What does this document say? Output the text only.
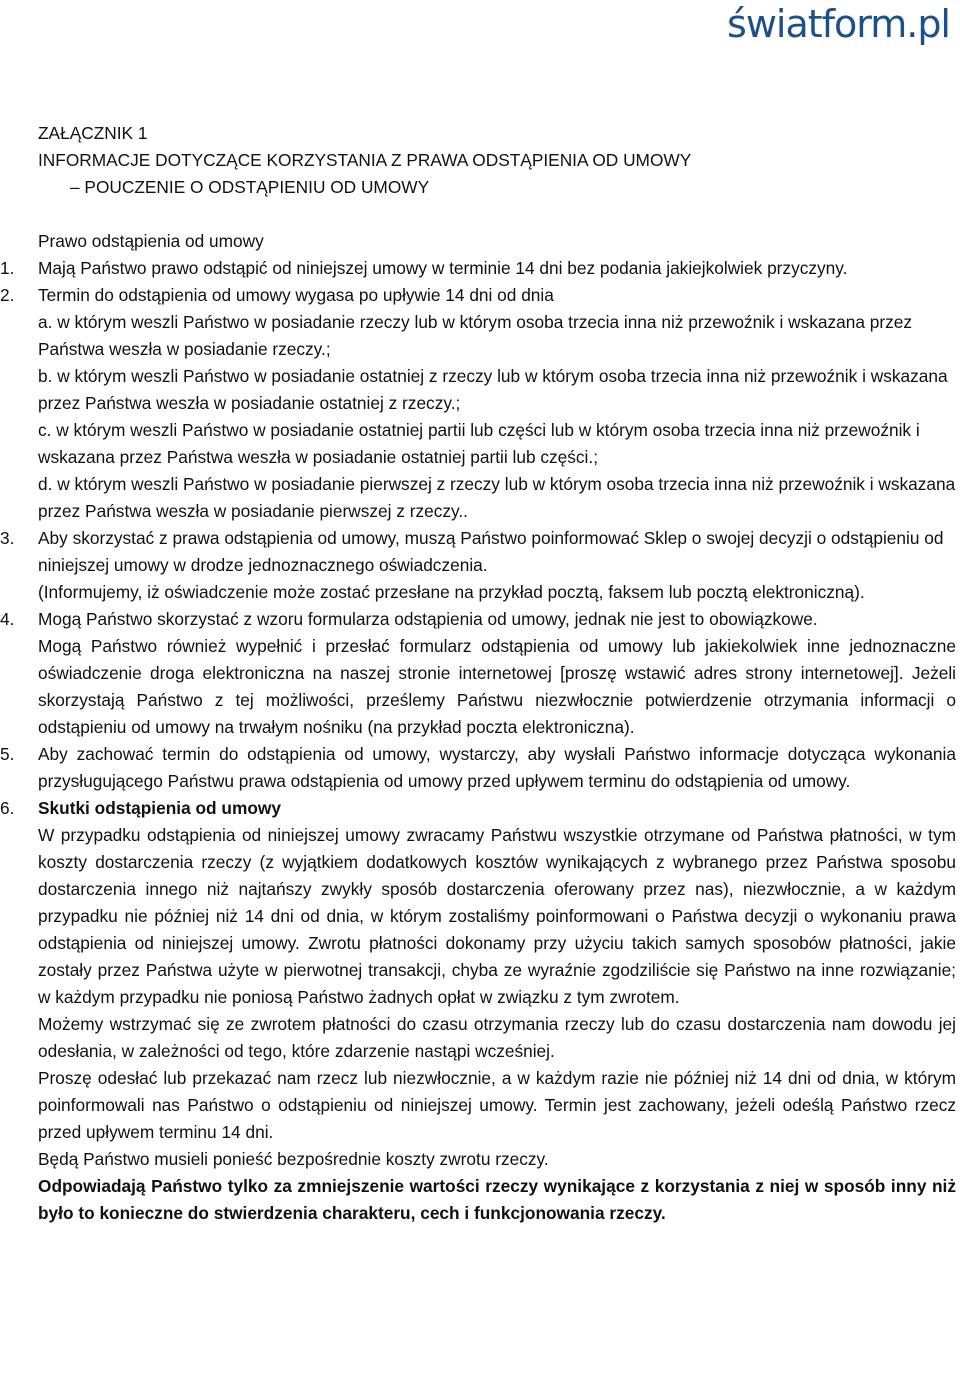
światform.pl

ZAŁĄCZNIK 1

INFORMACJE DOTYCZĄCE KORZYSTANIA Z PRAWA ODSTĄPIENIA OD UMOWY

– POUCZENIE O ODSTĄPIENIU OD UMOWY

Prawo odstąpienia od umowy

1.	Mają Państwo prawo odstąpić od niniejszej umowy w terminie 14 dni bez podania jakiejkolwiek przyczyny.

2.	Termin do odstąpienia od umowy wygasa po upływie 14 dni od dnia

a. w którym weszli Państwo w posiadanie rzeczy lub w którym osoba trzecia inna niż przewoźnik i wskazana przez Państwa weszła w posiadanie rzeczy.;

b. w którym weszli Państwo w posiadanie ostatniej z rzeczy lub w którym osoba trzecia inna niż przewoźnik i wskazana przez Państwa weszła w posiadanie ostatniej z rzeczy.;

c. w którym weszli Państwo w posiadanie ostatniej partii lub części lub w którym osoba trzecia inna niż przewoźnik i wskazana przez Państwa weszła w posiadanie ostatniej partii lub części.;

d. w którym weszli Państwo w posiadanie pierwszej z rzeczy lub w którym osoba trzecia inna niż przewoźnik i wskazana przez Państwa weszła w posiadanie pierwszej z rzeczy..

3.	Aby skorzystać z prawa odstąpienia od umowy, muszą Państwo poinformować Sklep o swojej decyzji o odstąpieniu od niniejszej umowy w drodze jednoznacznego oświadczenia.

(Informujemy, iż oświadczenie może zostać przesłane na przykład pocztą, faksem lub pocztą elektroniczną).

4.	Mogą Państwo skorzystać z wzoru formularza odstąpienia od umowy, jednak nie jest to obowiązkowe.

Mogą Państwo również wypełnić i przesłać formularz odstąpienia od umowy lub jakiekolwiek inne jednoznaczne oświadczenie droga elektroniczna na naszej stronie internetowej [proszę wstawić adres strony internetowej]. Jeżeli skorzystają Państwo z tej możliwości, prześlemy Państwu niezwłocznie potwierdzenie otrzymania informacji o odstąpieniu od umowy na trwałym nośniku (na przykład poczta elektroniczna).

5.	Aby zachować termin do odstąpienia od umowy, wystarczy, aby wysłali Państwo informacje dotycząca wykonania przysługującego Państwu prawa odstąpienia od umowy przed upływem terminu do odstąpienia od umowy.

6.	Skutki odstąpienia od umowy

W przypadku odstąpienia od niniejszej umowy zwracamy Państwu wszystkie otrzymane od Państwa płatności, w tym koszty dostarczenia rzeczy (z wyjątkiem dodatkowych kosztów wynikających z wybranego przez Państwa sposobu dostarczenia innego niż najtańszy zwykły sposób dostarczenia oferowany przez nas), niezwłocznie, a w każdym przypadku nie później niż 14 dni od dnia, w którym zostaliśmy poinformowani o Państwa decyzji o wykonaniu prawa odstąpienia od niniejszej umowy. Zwrotu płatności dokonamy przy użyciu takich samych sposobów płatności, jakie zostały przez Państwa użyte w pierwotnej transakcji, chyba ze wyraźnie zgodziliście się Państwo na inne rozwiązanie; w każdym przypadku nie poniosą Państwo żadnych opłat w związku z tym zwrotem.

Możemy wstrzymać się ze zwrotem płatności do czasu otrzymania rzeczy lub do czasu dostarczenia nam dowodu jej odesłania, w zależności od tego, które zdarzenie nastąpi wcześniej.

Proszę odesłać lub przekazać nam rzecz lub niezwłocznie, a w każdym razie nie później niż 14 dni od dnia, w którym poinformowali nas Państwo o odstąpieniu od niniejszej umowy. Termin jest zachowany, jeżeli odeślą Państwo rzecz przed upływem terminu 14 dni.

Będą Państwo musieli ponieść bezpośrednie koszty zwrotu rzeczy.

Odpowiadają Państwo tylko za zmniejszenie wartości rzeczy wynikające z korzystania z niej w sposób inny niż było to konieczne do stwierdzenia charakteru, cech i funkcjonowania rzeczy.
